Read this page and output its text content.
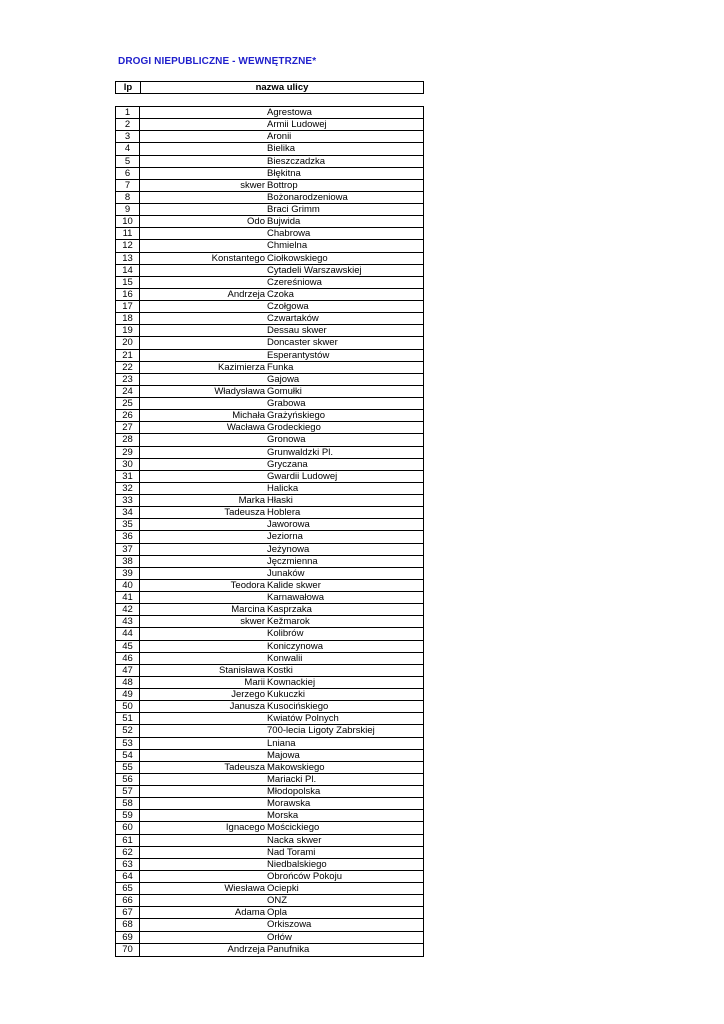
DROGI NIEPUBLICZNE - WEWNĘTRZNE*
lp	nazwa ulicy
1	Agrestowa
2	Armii Ludowej
3	Aronii
4	Bielika
5	Bieszczadzka
6	Błękitna
7	skwer Bottrop
8	Bożonarodzeniowa
9	Braci Grimm
10	Odo Bujwida
11	Chabrowa
12	Chmielna
13	Konstantego Ciołkowskiego
14	Cytadeli Warszawskiej
15	Czereśniowa
16	Andrzeja Czoka
17	Czołgowa
18	Czwartaków
19	Dessau skwer
20	Doncaster skwer
21	Esperantystów
22	Kazimierza Funka
23	Gajowa
24	Władysława Gomułki
25	Grabowa
26	Michała Grażyńskiego
27	Wacława Grodeckiego
28	Gronowa
29	Grunwaldzki Pl.
30	Gryczana
31	Gwardii Ludowej
32	Halicka
33	Marka Hłaski
34	Tadeusza Hoblera
35	Jaworowa
36	Jeziorna
37	Jeżynowa
38	Jęczmienna
39	Junaków
40	Teodora Kalide skwer
41	Karnawałowa
42	Marcina Kasprzaka
43	skwer Kežmarok
44	Kolibrów
45	Koniczynowa
46	Konwalii
47	Stanisława Kostki
48	Marii Kownackiej
49	Jerzego Kukuczki
50	Janusza Kusocińskiego
51	Kwiatów Polnych
52	700-lecia Ligoty Zabrskiej
53	Lniana
54	Majowa
55	Tadeusza Makowskiego
56	Mariacki Pl.
57	Młodopolska
58	Morawska
59	Morska
60	Ignacego Mościckiego
61	Nacka skwer
62	Nad Torami
63	Niedbalskiego
64	Obrońców Pokoju
65	Wiesława Ociepki
66	ONZ
67	Adama Opla
68	Orkiszowa
69	Orłów
70	Andrzeja Panufnika
